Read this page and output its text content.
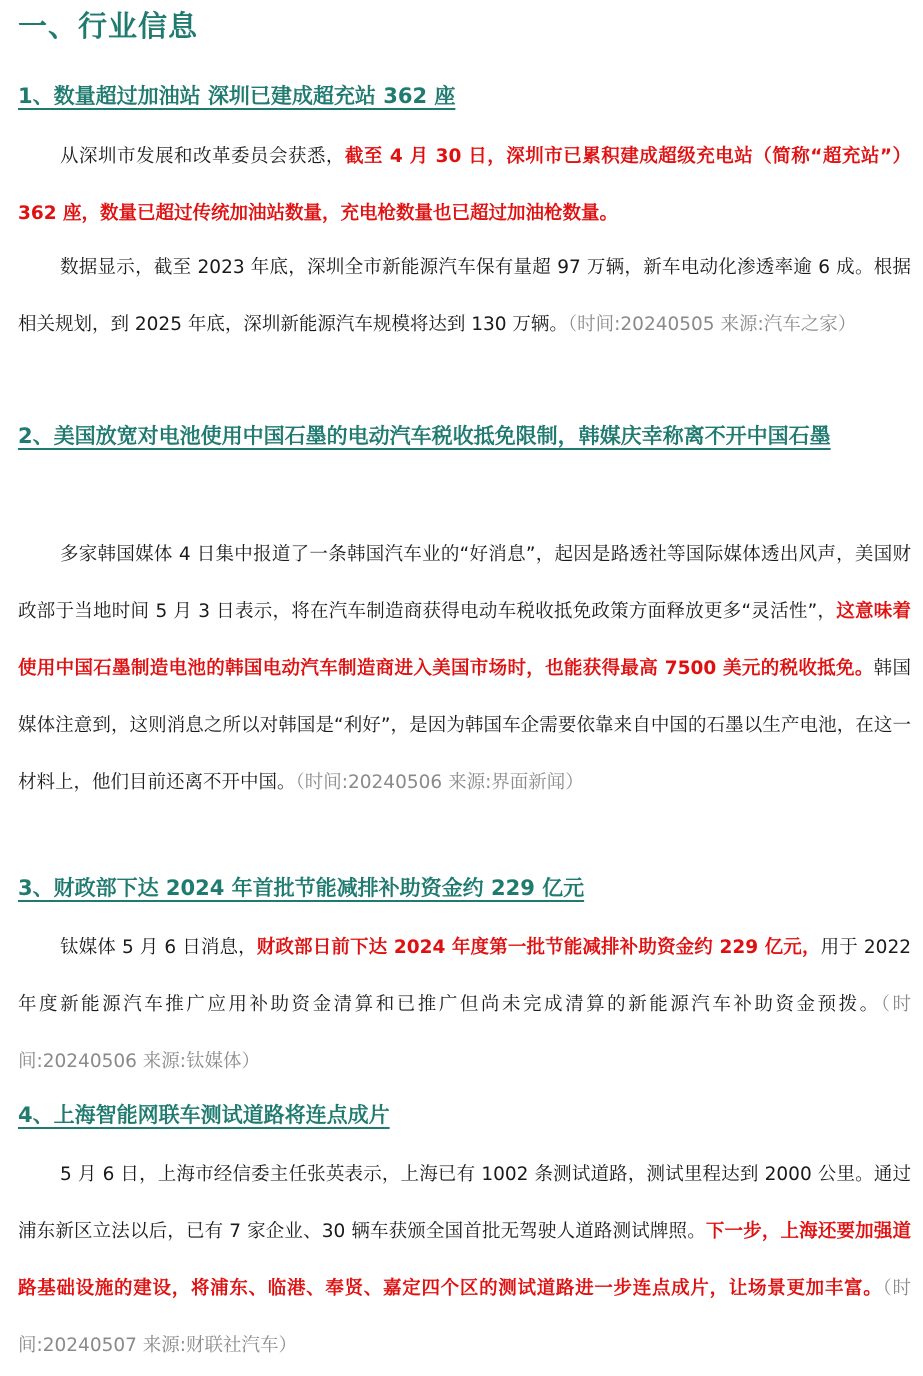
一、行业信息
1、数量超过加油站 深圳已建成超充站 362 座

从深圳市发展和改革委员会获悉，截至 4 月 30 日，深圳市已累积建成超级充电站（简称“超充站”）362 座，数量已超过传统加油站数量，充电枪数量也已超过加油枪数量。

数据显示，截至 2023 年底，深圳全市新能源汽车保有量超 97 万辆，新车电动化渗透率逾 6 成。根据相关规划，到 2025 年底，深圳新能源汽车规模将达到 130 万辆。（时间:20240505 来源:汽车之家）

2、美国放宽对电池使用中国石墨的电动汽车税收抵免限制，韩媒庆幸称离不开中国石墨

多家韩国媒体 4 日集中报道了一条韩国汽车业的“好消息”，起因是路透社等国际媒体透出风声，美国财政部于当地时间 5 月 3 日表示，将在汽车制造商获得电动车税收抵免政策方面释放更多“灵活性”，这意味着使用中国石墨制造电池的韩国电动汽车制造商进入美国市场时，也能获得最高 7500 美元的税收抵免。韩国媒体注意到，这则消息之所以对韩国是“利好”，是因为韩国车企需要依靠来自中国的石墨以生产电池，在这一材料上，他们目前还离不开中国。（时间:20240506 来源:界面新闻）

3、财政部下达 2024 年首批节能减排补助资金约 229 亿元

钛媒体 5 月 6 日消息，财政部日前下达 2024 年度第一批节能减排补助资金约 229 亿元，用于 2022 年度新能源汽车推广应用补助资金清算和已推广但尚未完成清算的新能源汽车补助资金预拨。（时间:20240506 来源:钛媒体）

4、上海智能网联车测试道路将连点成片

5 月 6 日，上海市经信委主任张英表示，上海已有 1002 条测试道路，测试里程达到 2000 公里。通过浦东新区立法以后，已有 7 家企业、30 辆车获颁全国首批无驾驶人道路测试牌照。下一步，上海还要加强道路基础设施的建设，将浦东、临港、奉贤、嘉定四个区的测试道路进一步连点成片，让场景更加丰富。（时间:20240507 来源:财联社汽车）
